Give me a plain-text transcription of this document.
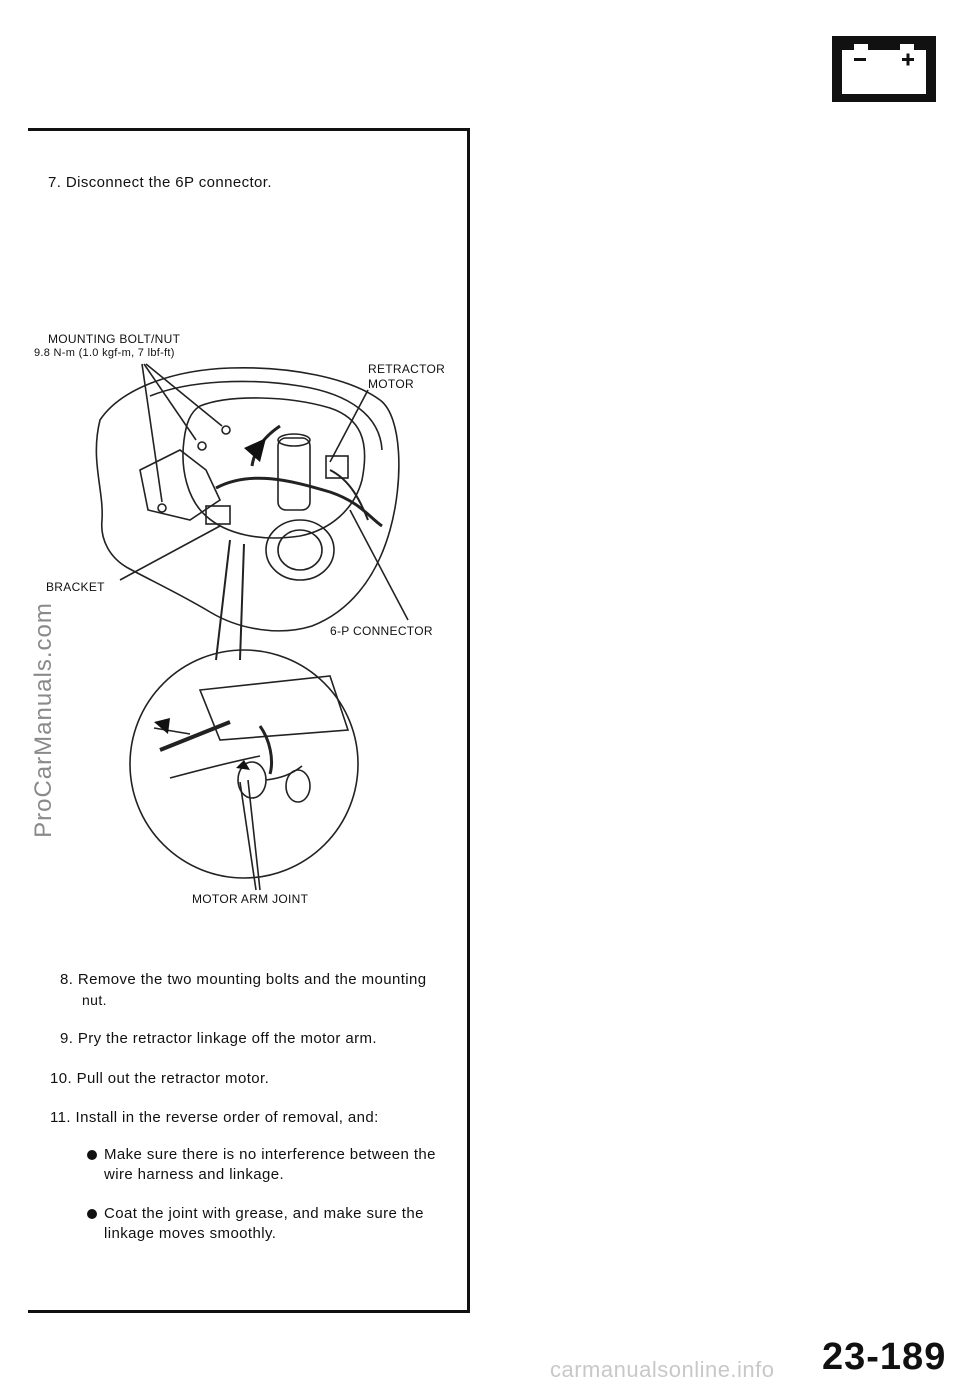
7. Disconnect the 6P connector.
MOUNTING BOLT/NUT
9.8 N-m (1.0 kgf-m, 7 lbf-ft)
RETRACTOR
MOTOR
BRACKET
6-P CONNECTOR
MOTOR ARM JOINT
8. Remove the two mounting bolts and the mounting
nut.
9. Pry the retractor linkage off the motor arm.
10. Pull out the retractor motor.
11. Install in the reverse order of removal, and:
Make sure there is no interference between the
wire harness and linkage.
Coat the joint with grease, and make sure the
linkage moves smoothly.
ProCarManuals.com
23-189
carmanualsonline.info
